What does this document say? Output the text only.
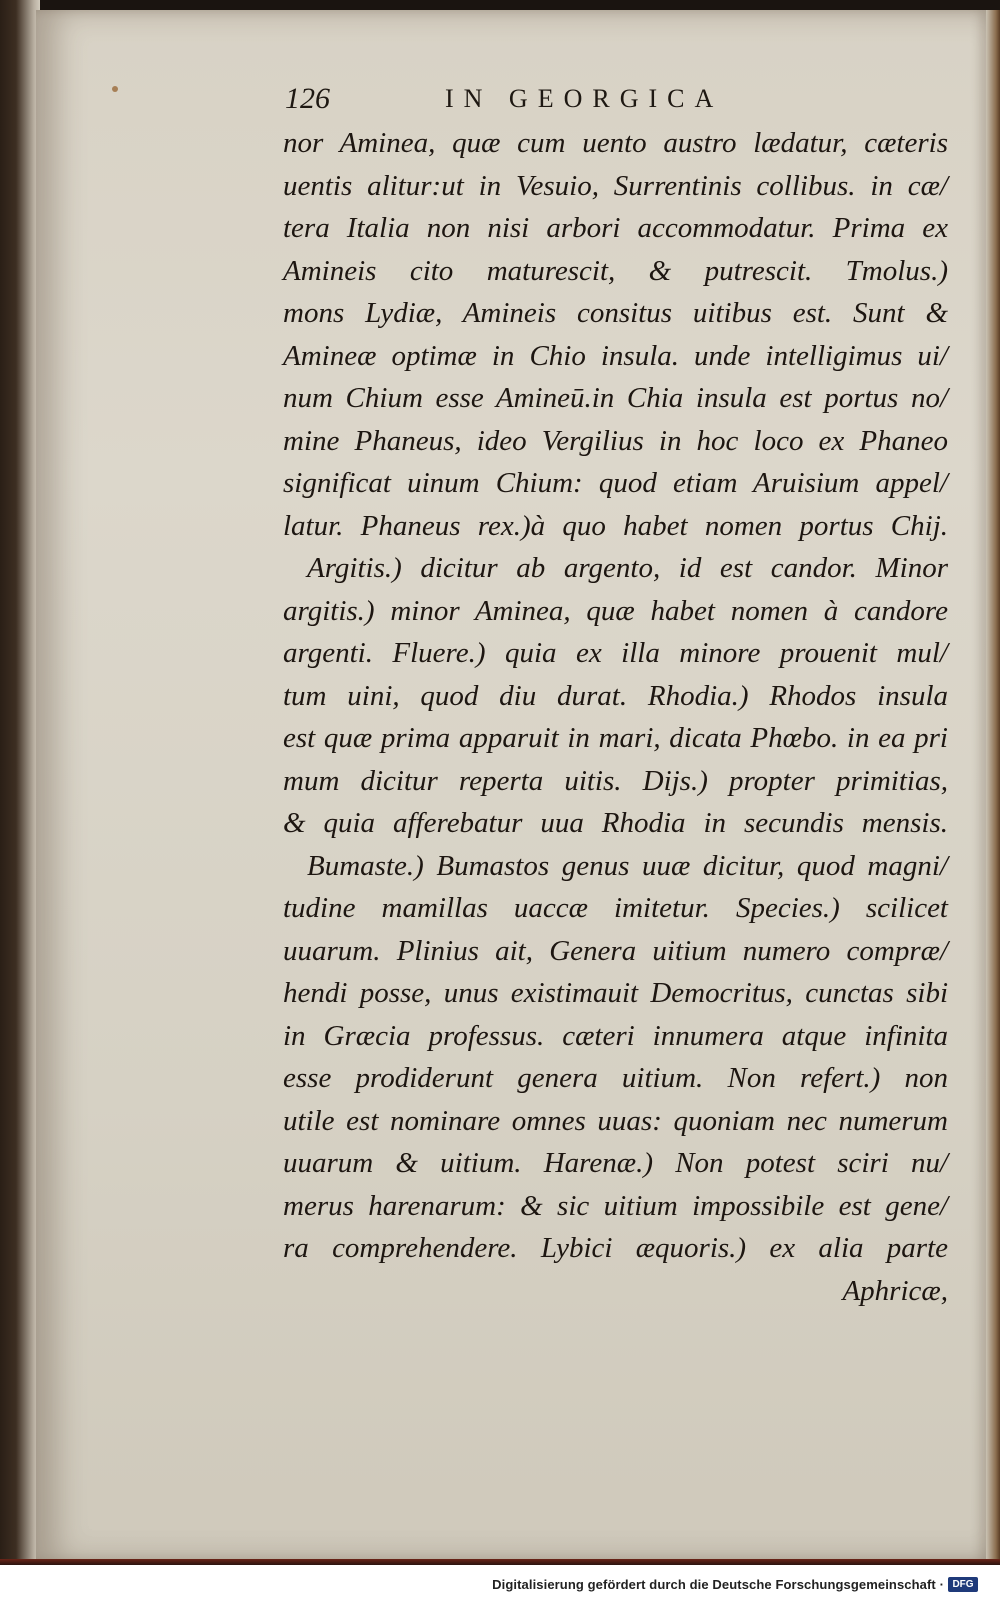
126	IN GEORGICA
nor Aminea, quæ cum uento austro lædatur, cæteris
uentis alitur:ut in Vesuio, Surrentinis collibus. in cæ/
tera Italia non nisi arbori accommodatur. Prima ex
Amineis cito maturescit, & putrescit. Tmolus.)
mons Lydiæ, Amineis consitus uitibus est. Sunt &
Amineæ optimæ in Chio insula. unde intelligimus ui/
num Chium esse Amineū.in Chia insula est portus no/
mine Phaneus, ideo Vergilius in hoc loco ex Phaneo
significat uinum Chium: quod etiam Aruisium appel/
latur. Phaneus rex.)à quo habet nomen portus Chij.
Argitis.) dicitur ab argento, id est candor. Minor
argitis.) minor Aminea, quæ habet nomen à candore
argenti. Fluere.) quia ex illa minore prouenit mul/
tum uini, quod diu durat. Rhodia.) Rhodos insula
est quæ prima apparuit in mari, dicata Phœbo. in ea pri
mum dicitur reperta uitis. Dijs.) propter primitias,
& quia afferebatur uua Rhodia in secundis mensis.
Bumaste.) Bumastos genus uuæ dicitur, quod magni/
tudine mamillas uaccæ imitetur. Species.) scilicet
uuarum. Plinius ait, Genera uitium numero compræ/
hendi posse, unus existimauit Democritus, cunctas sibi
in Græcia professus. cæteri innumera atque infinita
esse prodiderunt genera uitium. Non refert.) non
utile est nominare omnes uuas: quoniam nec numerum
uuarum & uitium. Harenæ.) Non potest sciri nu/
merus harenarum: & sic uitium impossibile est gene/
ra comprehendere. Lybici æquoris.) ex alia parte
Aphricæ,
Digitalisierung gefördert durch die Deutsche Forschungsgemeinschaft · DFG
